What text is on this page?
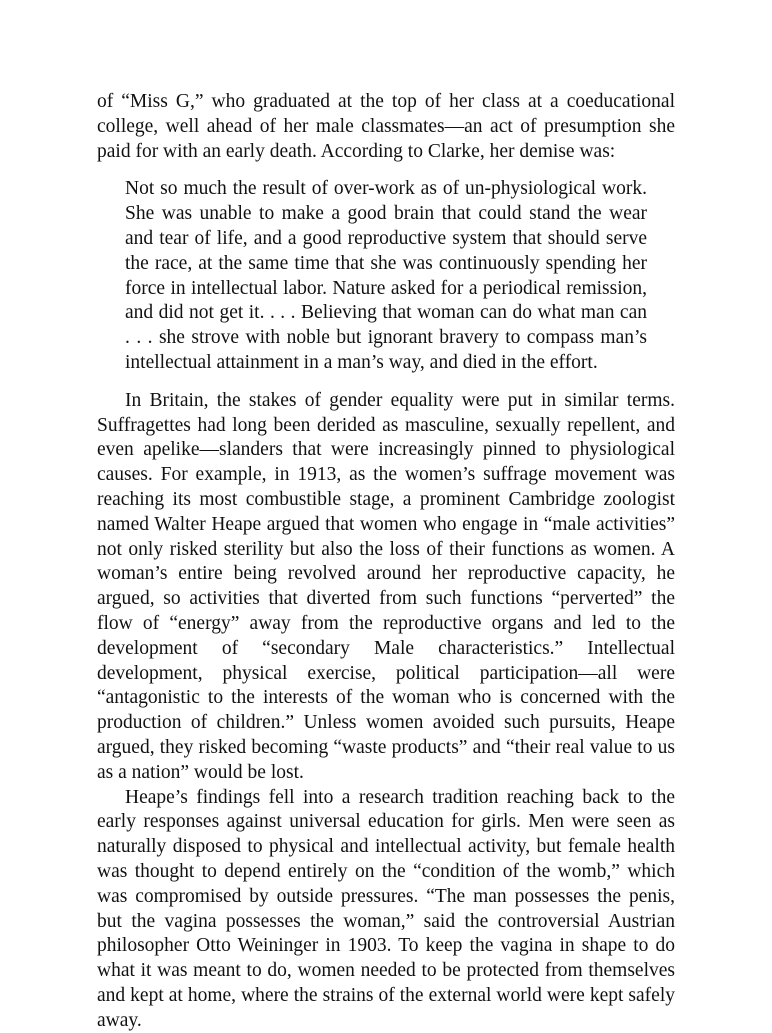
of “Miss G,” who graduated at the top of her class at a coeducational college, well ahead of her male classmates—an act of presumption she paid for with an early death. According to Clarke, her demise was:

Not so much the result of over-work as of un-physiological work. She was unable to make a good brain that could stand the wear and tear of life, and a good reproductive system that should serve the race, at the same time that she was continuously spending her force in intellectual labor. Nature asked for a periodical remission, and did not get it. . . . Believing that woman can do what man can . . . she strove with noble but ignorant bravery to compass man’s intellectual attainment in a man’s way, and died in the effort.

In Britain, the stakes of gender equality were put in similar terms. Suffragettes had long been derided as masculine, sexually repellent, and even apelike—slanders that were increasingly pinned to physiological causes. For example, in 1913, as the women’s suffrage movement was reaching its most combustible stage, a prominent Cambridge zoologist named Walter Heape argued that women who engage in “male activities” not only risked sterility but also the loss of their functions as women. A woman’s entire being revolved around her reproductive capacity, he argued, so activities that diverted from such functions “perverted” the flow of “energy” away from the reproductive organs and led to the development of “secondary Male characteristics.” Intellectual development, physical exercise, political participation—all were “antagonistic to the interests of the woman who is concerned with the production of children.” Unless women avoided such pursuits, Heape argued, they risked becoming “waste products” and “their real value to us as a nation” would be lost.

Heape’s findings fell into a research tradition reaching back to the early responses against universal education for girls. Men were seen as naturally disposed to physical and intellectual activity, but female health was thought to depend entirely on the “condition of the womb,” which was compromised by outside pressures. “The man possesses the penis, but the vagina possesses the woman,” said the controversial Austrian philosopher Otto Weininger in 1903. To keep the vagina in shape to do what it was meant to do, women needed to be protected from themselves and kept at home, where the strains of the external world were kept safely away.
